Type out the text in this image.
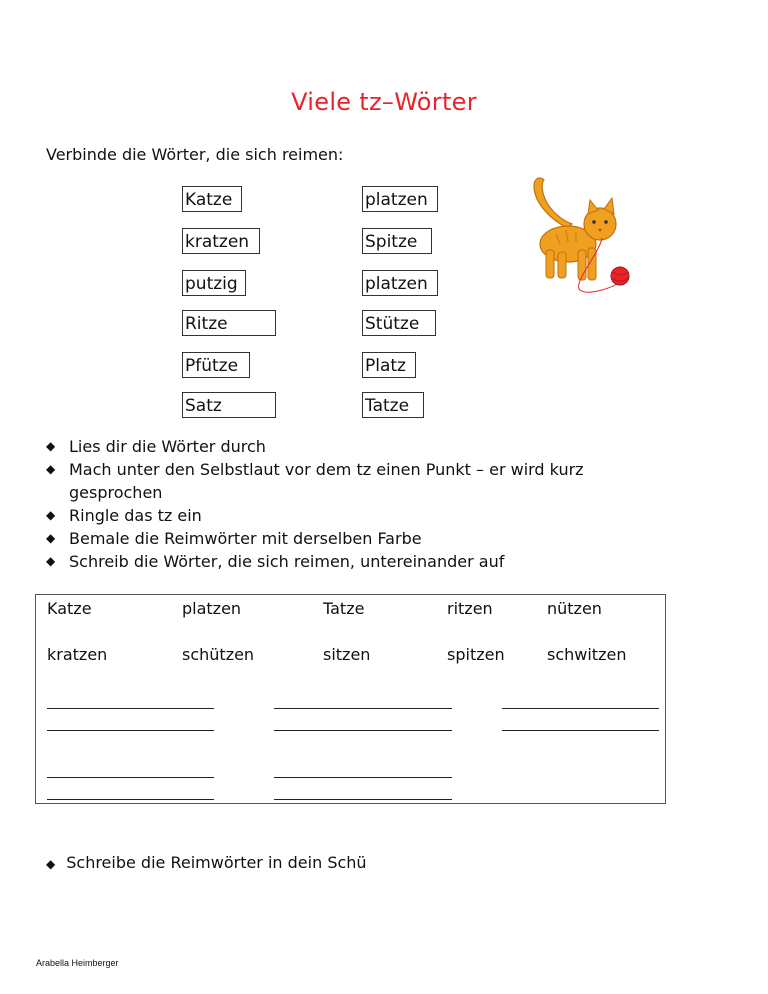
Viele tz–Wörter
Verbinde die Wörter, die sich reimen:
Katze	platzen
kratzen	Spitze
putzig	platzen
Ritze	Stütze
Pfütze	Platz
Satz	Tatze
◆ Lies dir die Wörter durch
◆ Mach unter den Selbstlaut vor dem tz einen Punkt – er wird kurz gesprochen
◆ Ringle das tz ein
◆ Bemale die Reimwörter mit derselben Farbe
◆ Schreib die Wörter, die sich reimen, untereinander auf
Katze	platzen	Tatze	ritzen	nützen
kratzen	schützen	sitzen	spitzen	schwitzen
◆ Schreibe die Reimwörter in dein Schü
Arabella Heimberger
